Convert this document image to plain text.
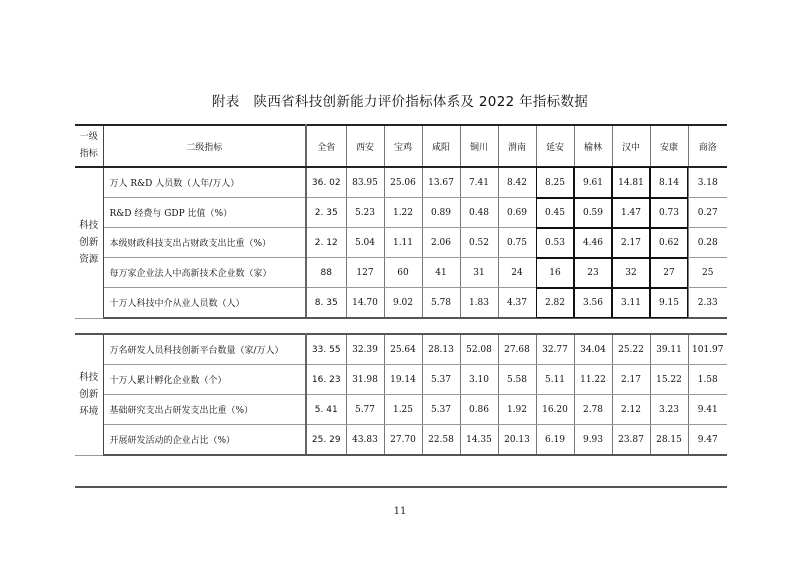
附表 陕西省科技创新能力评价指标体系及 2022 年指标数据
一级
指标	二级指标	全省	西安	宝鸡	咸阳	铜川	渭南	延安	榆林	汉中	安康	商洛
科技
创新
资源	万人 R&D 人员数（人年/万人）	36. 02	83.95	25.06	13.67	7.41	8.42	8.25	9.61	14.81	8.14	3.18
	R&D 经费与 GDP 比值（%）	2. 35	5.23	1.22	0.89	0.48	0.69	0.45	0.59	1.47	0.73	0.27
	本级财政科技支出占财政支出比重（%）	2. 12	5.04	1.11	2.06	0.52	0.75	0.53	4.46	2.17	0.62	0.28
	每万家企业法人中高新技术企业数（家）	88	127	60	41	31	24	16	23	32	27	25
	十万人科技中介从业人员数（人）	8. 35	14.70	9.02	5.78	1.83	4.37	2.82	3.56	3.11	9.15	2.33

科技
创新
环境	万名研发人员科技创新平台数量（家/万人）	33. 55	32.39	25.64	28.13	52.08	27.68	32.77	34.04	25.22	39.11	101.97
	十万人累计孵化企业数（个）	16. 23	31.98	19.14	5.37	3.10	5.58	5.11	11.22	2.17	15.22	1.58
	基础研究支出占研发支出比重（%）	5. 41	5.77	1.25	5.37	0.86	1.92	16.20	2.78	2.12	3.23	9.41
	开展研发活动的企业占比（%）	25. 29	43.83	27.70	22.58	14.35	20.13	6.19	9.93	23.87	28.15	9.47

11
